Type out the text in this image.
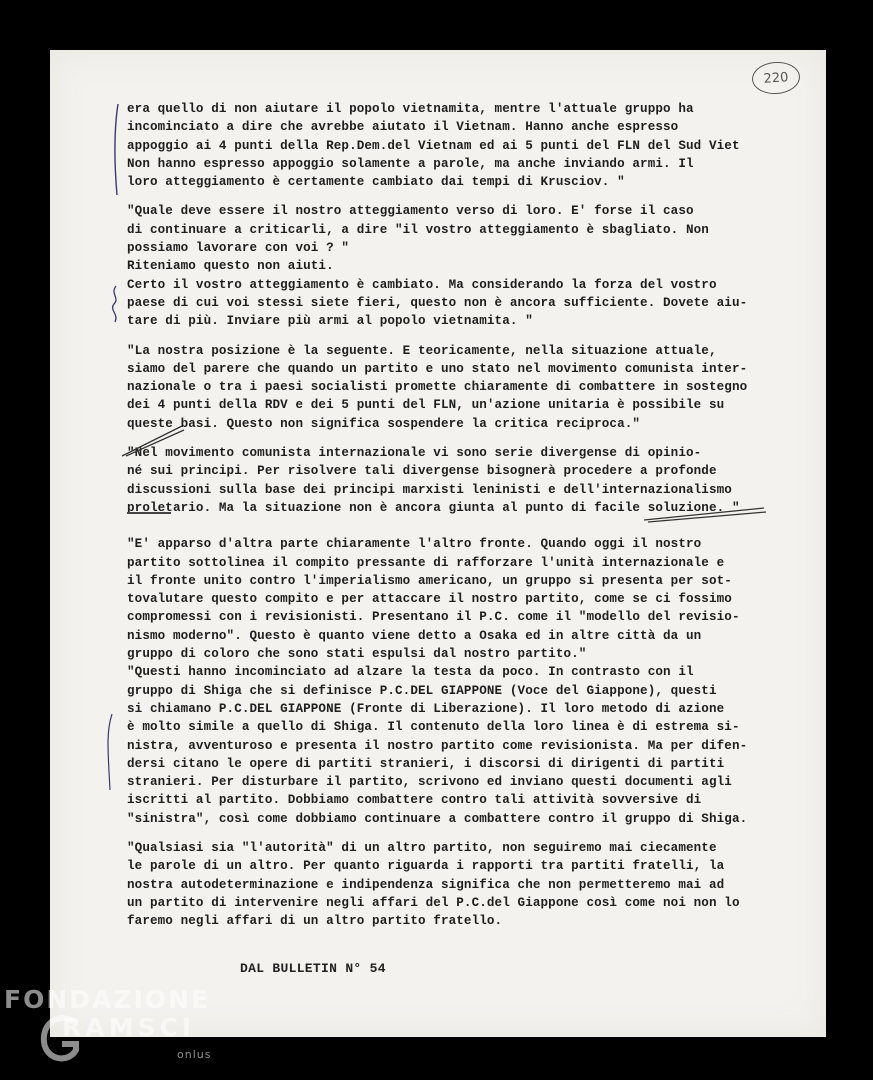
220

era quello di non aiutare il popolo vietnamita, mentre l'attuale gruppo ha
incominciato a dire che avrebbe aiutato il Vietnam. Hanno anche espresso
appoggio ai 4 punti della Rep.Dem.del Vietnam ed ai 5 punti del FLN del Sud Viet
Non hanno espresso appoggio solamente a parole, ma anche inviando armi. Il
loro atteggiamento è certamente cambiato dai tempi di Krusciov. "

"Quale deve essere il nostro atteggiamento verso di loro. E' forse il caso
di continuare a criticarli, a dire "il vostro atteggiamento è sbagliato. Non
possiamo lavorare con voi ? "
Riteniamo questo non aiuti.
Certo il vostro atteggiamento è cambiato. Ma considerando la forza del vostro
paese di cui voi stessi siete fieri, questo non è ancora sufficiente. Dovete aiu-
tare di più. Inviare più armi al popolo vietnamita. "

"La nostra posizione è la seguente. E teoricamente, nella situazione attuale,
siamo del parere che quando un partito e uno stato nel movimento comunista inter-
nazionale o tra i paesi socialisti promette chiaramente di combattere in sostegno
dei 4 punti della RDV e dei 5 punti del FLN, un'azione unitaria è possibile su
queste basi. Questo non significa sospendere la critica reciproca."

"Nel movimento comunista internazionale vi sono serie divergense di opinio-
né sui principi. Per risolvere tali divergense bisognerà procedere a profonde
discussioni sulla base dei principi marxisti leninisti e dell'internazionalismo
proletario. Ma la situazione non è ancora giunta al punto di facile soluzione. "

"E' apparso d'altra parte chiaramente l'altro fronte. Quando oggi il nostro
partito sottolinea il compito pressante di rafforzare l'unità internazionale e
il fronte unito contro l'imperialismo americano, un gruppo si presenta per sot-
tovalutare questo compito e per attaccare il nostro partito, come se ci fossimo
compromessi con i revisionisti. Presentano il P.C. come il "modello del revisio-
nismo moderno". Questo è quanto viene detto a Osaka ed in altre città da un
gruppo di coloro che sono stati espulsi dal nostro partito."
"Questi hanno incominciato ad alzare la testa da poco. In contrasto con il
gruppo di Shiga che si definisce P.C.DEL GIAPPONE (Voce del Giappone), questi
si chiamano P.C.DEL GIAPPONE (Fronte di Liberazione). Il loro metodo di azione
è molto simile a quello di Shiga. Il contenuto della loro linea è di estrema si-
nistra, avventuroso e presenta il nostro partito come revisionista. Ma per difen-
dersi citano le opere di partiti stranieri, i discorsi di dirigenti di partiti
stranieri. Per disturbare il partito, scrivono ed inviano questi documenti agli
iscritti al partito. Dobbiamo combattere contro tali attività sovversive di
"sinistra", così come dobbiamo continuare a combattere contro il gruppo di Shiga.

"Qualsiasi sia "l'autorità" di un altro partito, non seguiremo mai ciecamente
le parole di un altro. Per quanto riguarda i rapporti tra partiti fratelli, la
nostra autodeterminazione e indipendenza significa che non permetteremo mai ad
un partito di intervenire negli affari del P.C.del Giappone così come noi non lo
faremo negli affari di un altro partito fratello.

DAL BULLETIN N° 54
FONDAZIONE
RAMSCI
onlus
